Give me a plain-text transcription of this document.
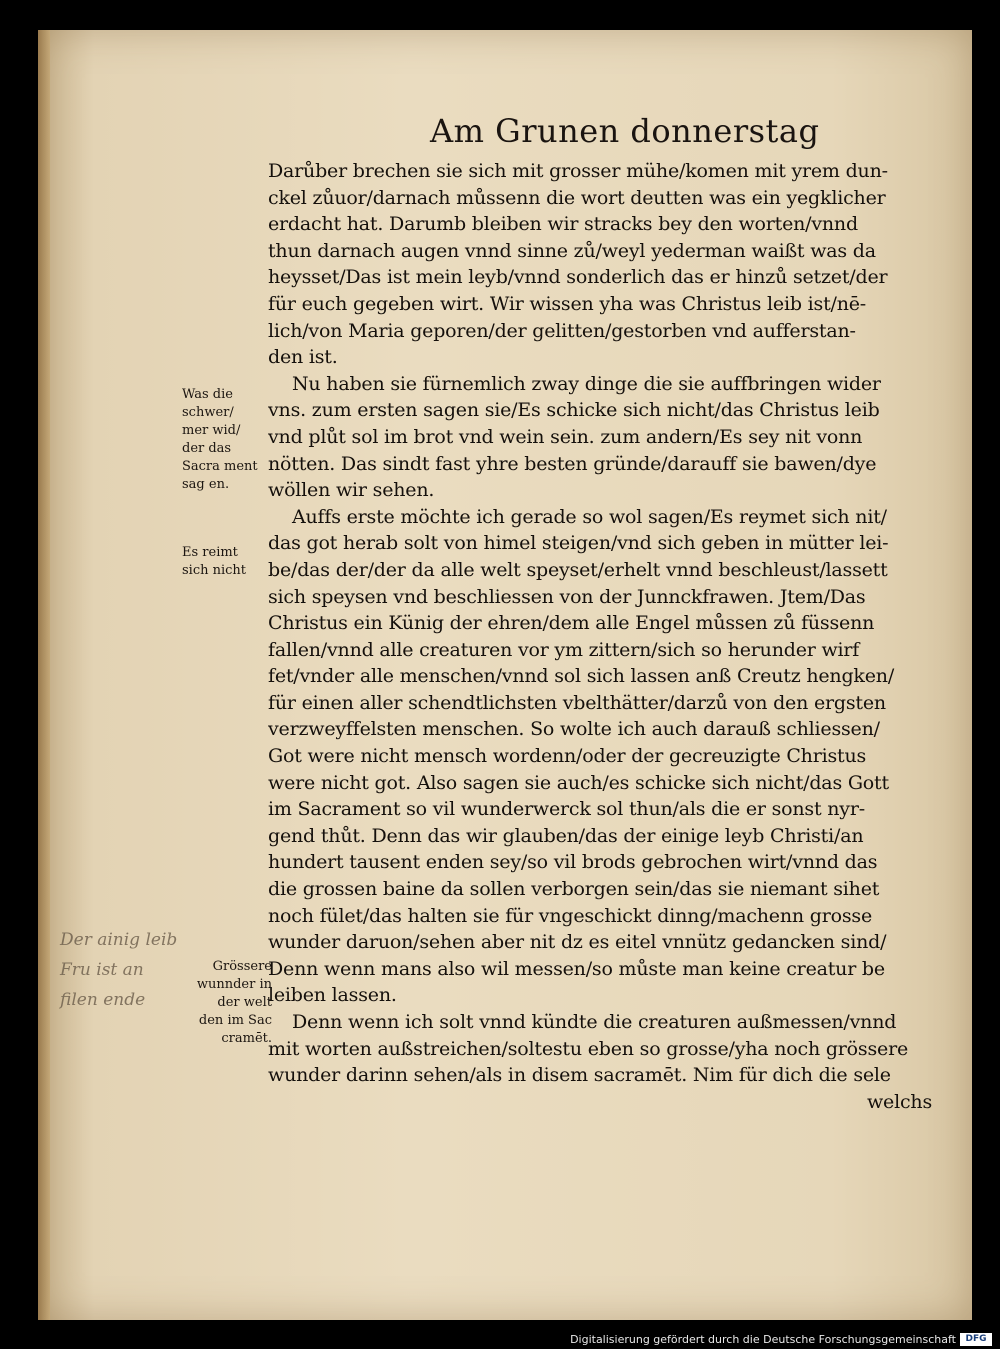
Am Grunen donnerstag
Darůber brechen sie sich mit grosser mühe/komen mit yrem dun-
ckel zůuor/darnach můssenn die wort deutten was ein yegklicher
erdacht hat. Darumb bleiben wir stracks bey den worten/vnnd
thun darnach augen vnnd sinne zů/weyl yederman waißt was da
heysset/Das ist mein leyb/vnnd sonderlich das er hinzů setzet/der
für euch gegeben wirt. Wir wissen yha was Christus leib ist/nē-
lich/von Maria geporen/der gelitten/gestorben vnd aufferstan-
den ist.
Nu haben sie fürnemlich zway dinge die sie auffbringen wider
vns. zum ersten sagen sie/Es schicke sich nicht/das Christus leib
vnd plůt sol im brot vnd wein sein. zum andern/Es sey nit vonn
nötten. Das sindt fast yhre besten gründe/darauff sie bawen/dye
wöllen wir sehen.
Auffs erste möchte ich gerade so wol sagen/Es reymet sich nit/
das got herab solt von himel steigen/vnd sich geben in mütter lei-
be/das der/der da alle welt speyset/erhelt vnnd beschleust/lassett
sich speysen vnd beschliessen von der Junnckfrawen. Jtem/Das
Christus ein Künig der ehren/dem alle Engel můssen zů füssenn
fallen/vnnd alle creaturen vor ym zittern/sich so herunder wirf
fet/vnder alle menschen/vnnd sol sich lassen anß Creutz hengken/
für einen aller schendtlichsten vbelthätter/darzů von den ergsten
verzweyffelsten menschen. So wolte ich auch darauß schliessen/
Got were nicht mensch wordenn/oder der gecreuzigte Christus
were nicht got. Also sagen sie auch/es schicke sich nicht/das Gott
im Sacrament so vil wunderwerck sol thun/als die er sonst nyr-
gend thůt. Denn das wir glauben/das der einige leyb Christi/an
hundert tausent enden sey/so vil brods gebrochen wirt/vnnd das
die grossen baine da sollen verborgen sein/das sie niemant sihet
noch fület/das halten sie für vngeschickt dinng/machenn grosse
wunder daruon/sehen aber nit dz es eitel vnnütz gedancken sind/
Denn wenn mans also wil messen/so můste man keine creatur be
leiben lassen.
Denn wenn ich solt vnnd kündte die creaturen außmessen/vnnd
mit worten außstreichen/soltestu eben so grosse/yha noch grössere
wunder darinn sehen/als in disem sacramēt. Nim für dich die sele
welchs
Was die schwer/ mer wid/ der das Sacra ment sag en.
Es reimt sich nicht
Grössere wunnder in der welt den im Sac cramēt.
Der ainig leib
Fru ist an
filen ende
Digitalisierung gefördert durch die Deutsche Forschungsgemeinschaft	DFG
